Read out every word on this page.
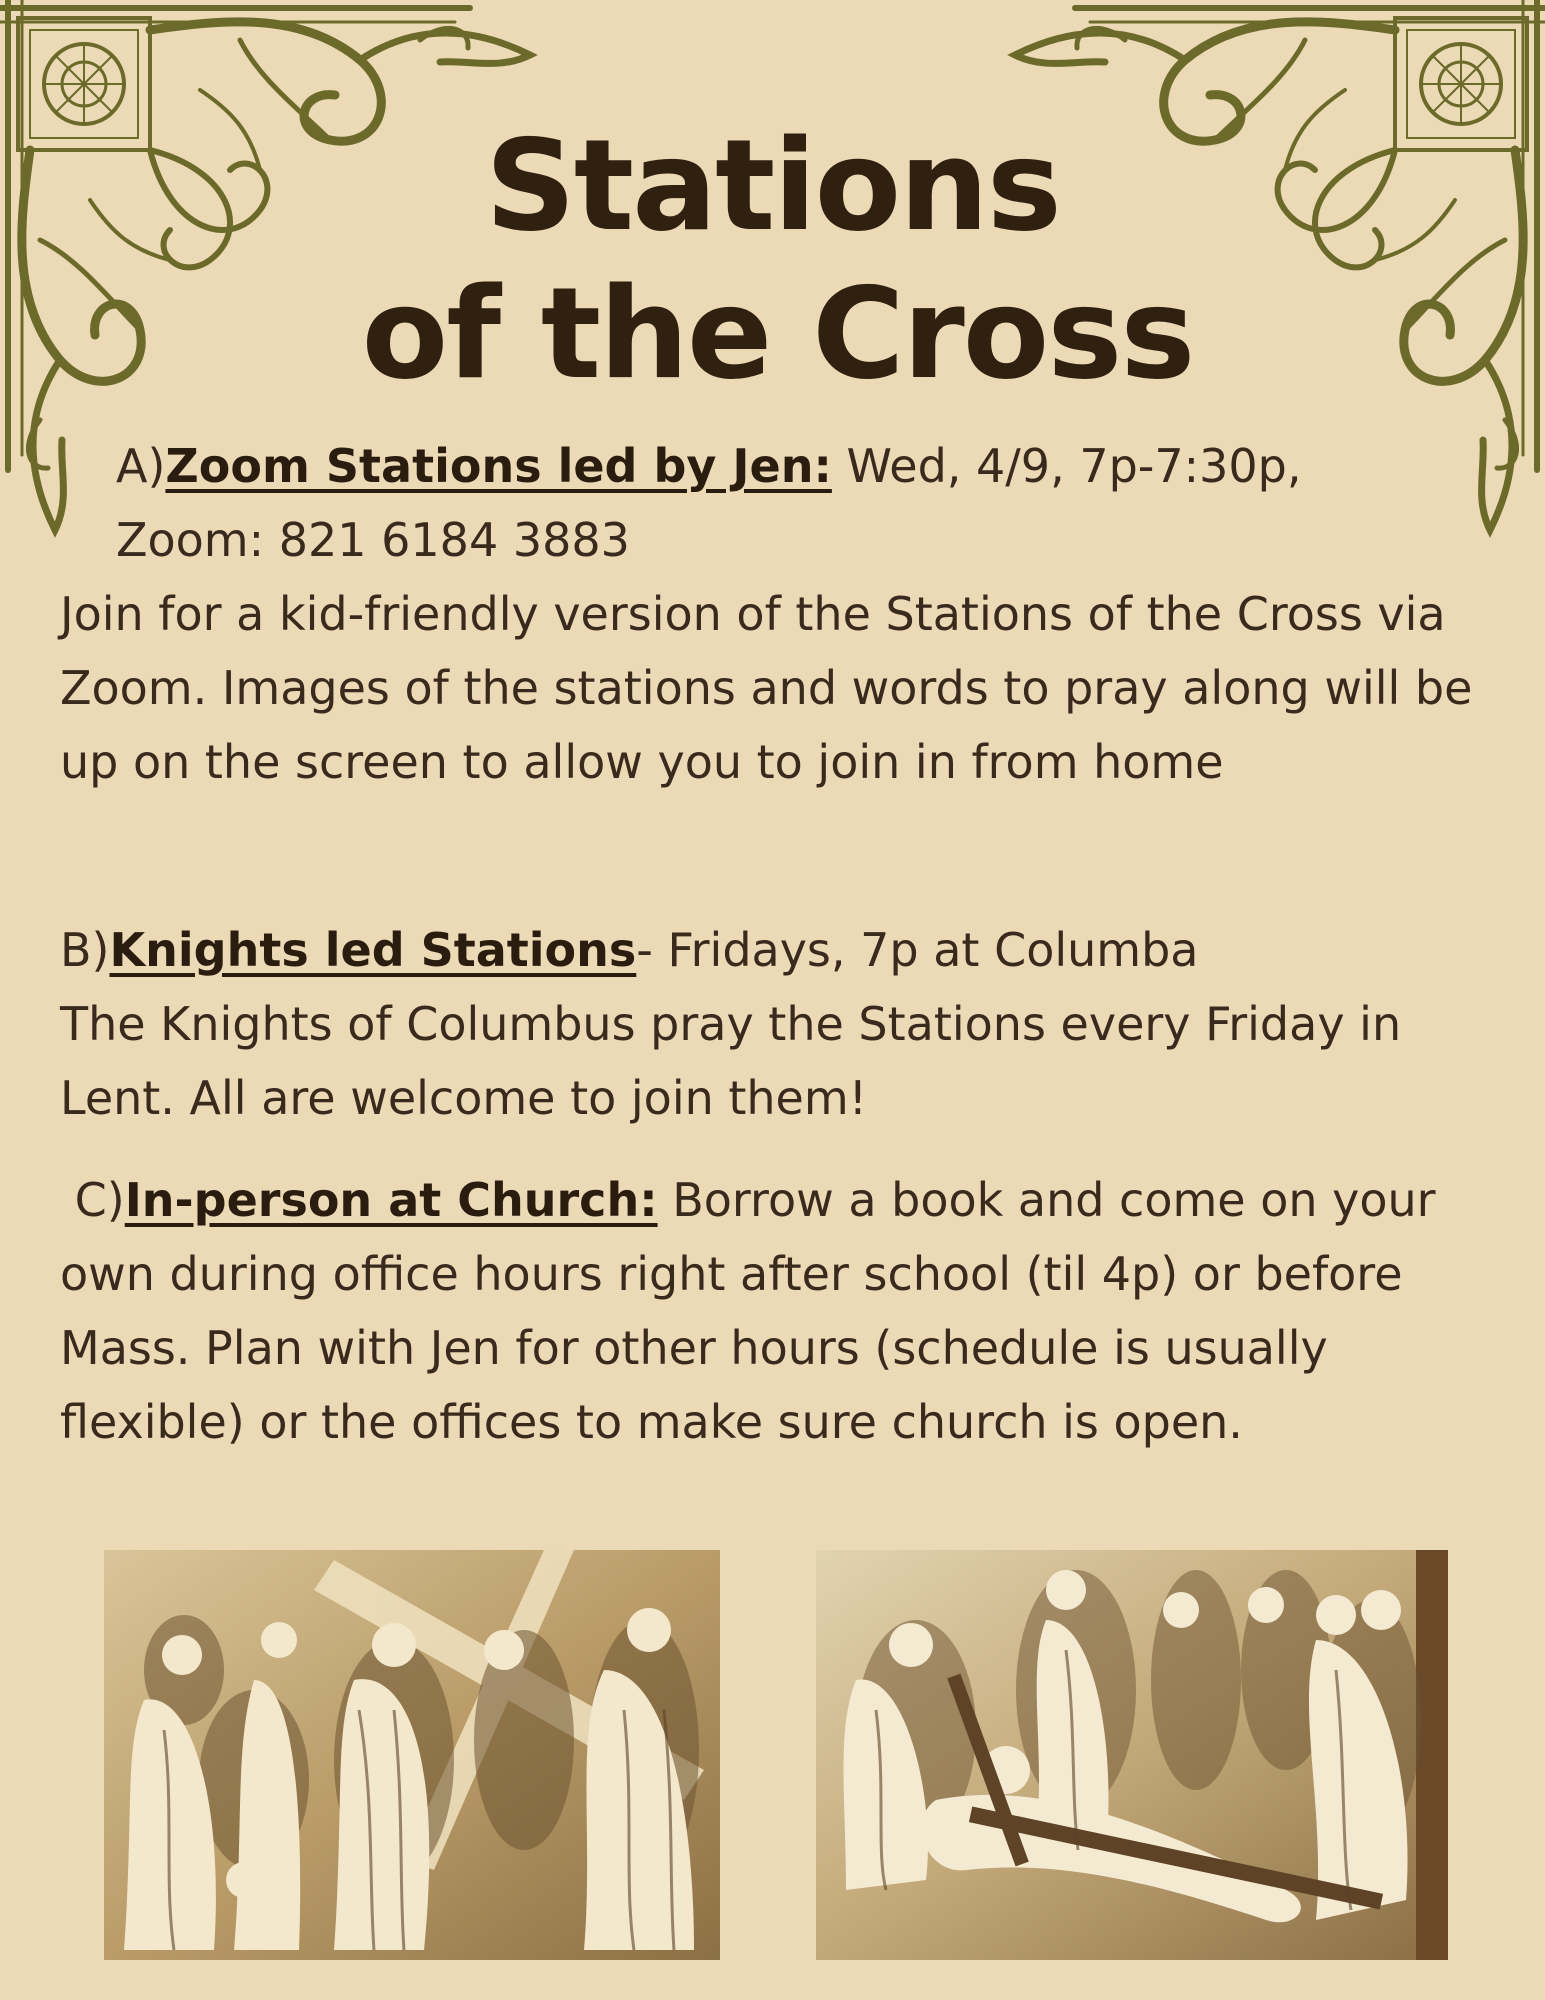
Stations
of the Cross

A)Zoom Stations led by Jen: Wed, 4/9, 7p-7:30p,
Zoom: 821 6184 3883

Join for a kid-friendly version of the Stations of the Cross via Zoom. Images of the stations and words to pray along will be up on the screen to allow you to join in from home

B)Knights led Stations- Fridays, 7p at Columba
The Knights of Columbus pray the Stations every Friday in Lent. All are welcome to join them!

C)In-person at Church: Borrow a book and come on your own during office hours right after school (til 4p) or before Mass. Plan with Jen for other hours (schedule is usually flexible) or the offices to make sure church is open.
